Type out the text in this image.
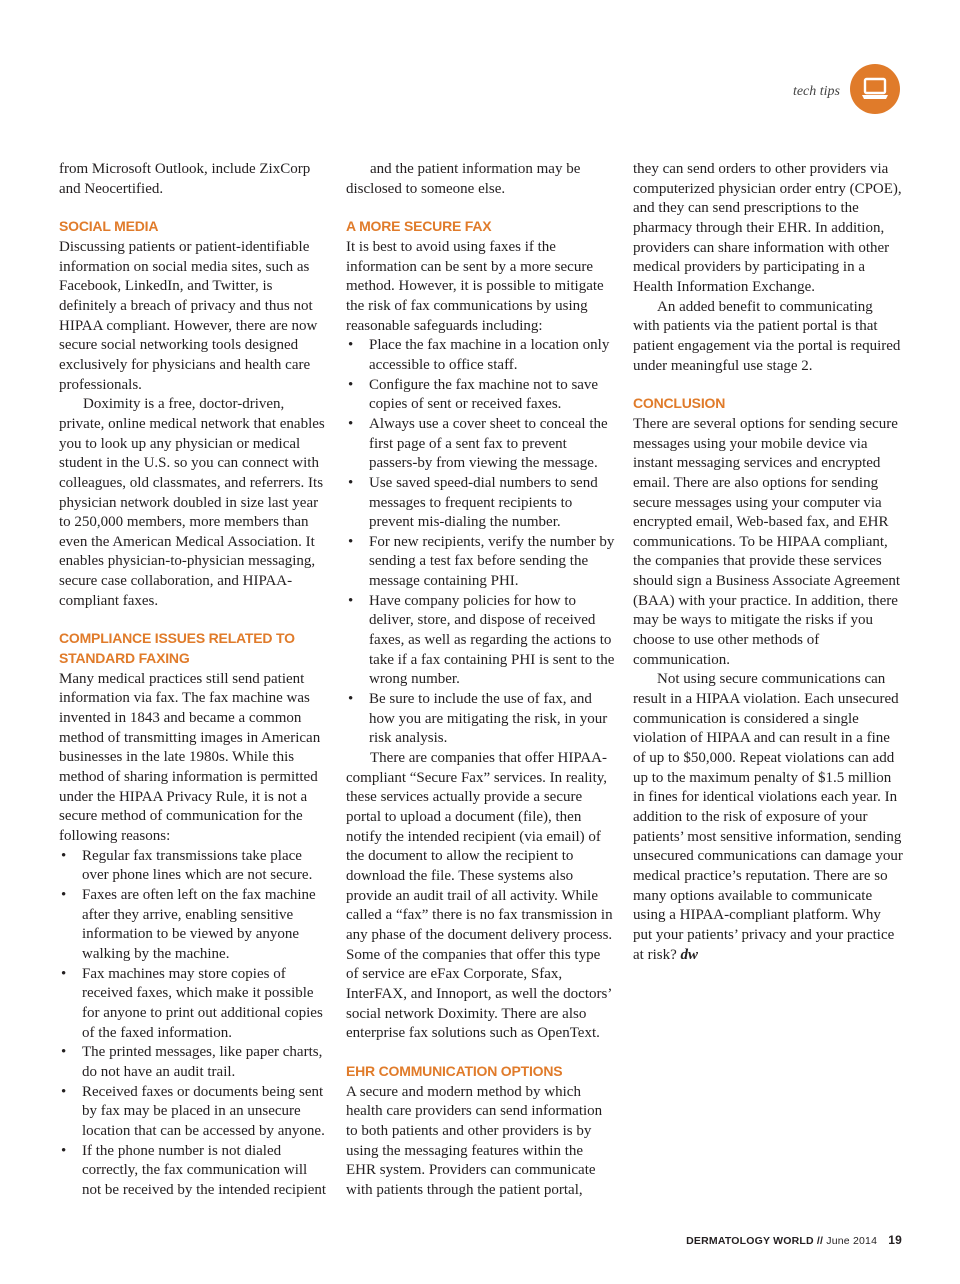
tech tips

from Microsoft Outlook, include ZixCorp and Neocertified.

SOCIAL MEDIA

Discussing patients or patient-identifiable information on social media sites, such as Facebook, LinkedIn, and Twitter, is definitely a breach of privacy and thus not HIPAA compliant. However, there are now secure social networking tools designed exclusively for physicians and health care professionals.

Doximity is a free, doctor-driven, private, online medical network that enables you to look up any physician or medical student in the U.S. so you can connect with colleagues, old classmates, and referrers. Its physician network doubled in size last year to 250,000 members, more members than even the American Medical Association. It enables physician-to-physician messaging, secure case collaboration, and HIPAA-compliant faxes.

COMPLIANCE ISSUES RELATED TO STANDARD FAXING

Many medical practices still send patient information via fax. The fax machine was invented in 1843 and became a common method of transmitting images in American businesses in the late 1980s. While this method of sharing information is permitted under the HIPAA Privacy Rule, it is not a secure method of communication for the following reasons:

• Regular fax transmissions take place over phone lines which are not secure.
• Faxes are often left on the fax machine after they arrive, enabling sensitive information to be viewed by anyone walking by the machine.
• Fax machines may store copies of received faxes, which make it possible for anyone to print out additional copies of the faxed information.
• The printed messages, like paper charts, do not have an audit trail.
• Received faxes or documents being sent by fax may be placed in an unsecure location that can be accessed by anyone.
• If the phone number is not dialed correctly, the fax communication will not be received by the intended recipient

and the patient information may be disclosed to someone else.

A MORE SECURE FAX

It is best to avoid using faxes if the information can be sent by a more secure method. However, it is possible to mitigate the risk of fax communications by using reasonable safeguards including:

• Place the fax machine in a location only accessible to office staff.
• Configure the fax machine not to save copies of sent or received faxes.
• Always use a cover sheet to conceal the first page of a sent fax to prevent passers-by from viewing the message.
• Use saved speed-dial numbers to send messages to frequent recipients to prevent mis-dialing the number.
• For new recipients, verify the number by sending a test fax before sending the message containing PHI.
• Have company policies for how to deliver, store, and dispose of received faxes, as well as regarding the actions to take if a fax containing PHI is sent to the wrong number.
• Be sure to include the use of fax, and how you are mitigating the risk, in your risk analysis.

There are companies that offer HIPAA-compliant “Secure Fax” services. In reality, these services actually provide a secure portal to upload a document (file), then notify the intended recipient (via email) of the document to allow the recipient to download the file. These systems also provide an audit trail of all activity. While called a “fax” there is no fax transmission in any phase of the document delivery process. Some of the companies that offer this type of service are eFax Corporate, Sfax, InterFAX, and Innoport, as well the doctors’ social network Doximity. There are also enterprise fax solutions such as OpenText.

EHR COMMUNICATION OPTIONS

A secure and modern method by which health care providers can send information to both patients and other providers is by using the messaging features within the EHR system. Providers can communicate with patients through the patient portal,

they can send orders to other providers via computerized physician order entry (CPOE), and they can send prescriptions to the pharmacy through their EHR. In addition, providers can share information with other medical providers by participating in a Health Information Exchange.

An added benefit to communicating with patients via the patient portal is that patient engagement via the portal is required under meaningful use stage 2.

CONCLUSION

There are several options for sending secure messages using your mobile device via instant messaging services and encrypted email. There are also options for sending secure messages using your computer via encrypted email, Web-based fax, and EHR communications. To be HIPAA compliant, the companies that provide these services should sign a Business Associate Agreement (BAA) with your practice. In addition, there may be ways to mitigate the risks if you choose to use other methods of communication.

Not using secure communications can result in a HIPAA violation. Each unsecured communication is considered a single violation of HIPAA and can result in a fine of up to $50,000. Repeat violations can add up to the maximum penalty of $1.5 million in fines for identical violations each year. In addition to the risk of exposure of your patients’ most sensitive information, sending unsecured communications can damage your medical practice’s reputation. There are so many options available to communicate using a HIPAA-compliant platform. Why put your patients’ privacy and your practice at risk? dw

DERMATOLOGY WORLD // June 2014 19
